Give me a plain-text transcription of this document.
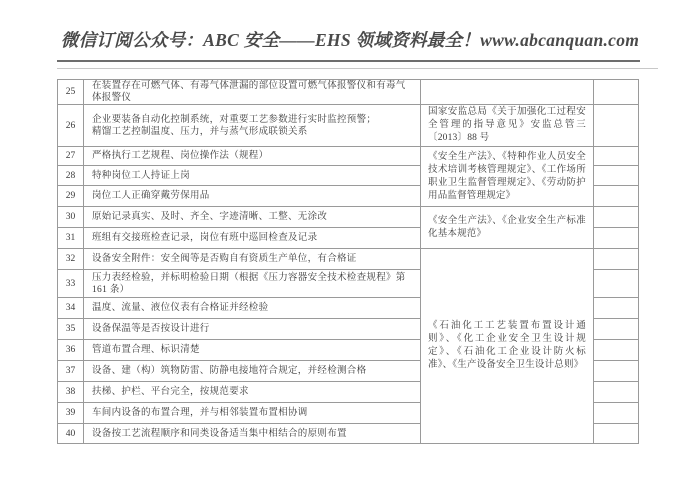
微信订阅公众号：ABC 安全——EHS 领域资料最全！www.abcanquan.com
25	在装置存在可燃气体、有毒气体泄漏的部位设置可燃气体报警仪和有毒气体报警仪		
26	企业要装备自动化控制系统，对重要工艺参数进行实时监控预警；
精馏工艺控制温度、压力，并与蒸气形成联锁关系	国家安监总局《关于加强化工过程安全管理的指导意见》安监总管三〔2013〕88 号	
27	严格执行工艺规程、岗位操作法（规程）	《安全生产法》、《特种作业人员安全技术培训考核管理规定》、《工作场所职业卫生监督管理规定》、《劳动防护用品监督管理规定》	
28	特种岗位工人持证上岗		
29	岗位工人正确穿戴劳保用品		
30	原始记录真实、及时、齐全、字迹清晰、工整、无涂改	《安全生产法》、《企业安全生产标准化基本规范》	
31	班组有交接班检查记录，岗位有班中巡回检查及记录		
32	设备安全附件：安全阀等是否购自有资质生产单位，有合格证	《石油化工工艺装置布置设计通则》、《化工企业安全卫生设计规定》、《石油化工企业设计防火标准》、《生产设备安全卫生设计总则》	
33	压力表经检验，并标明检验日期（根据《压力容器安全技术检查规程》第 161 条）		
34	温度、流量、液位仪表有合格证并经检验		
35	设备保温等是否按设计进行		
36	管道布置合理、标识清楚		
37	设备、建（构）筑物防雷、防静电接地符合规定，并经检测合格		
38	扶梯、护栏、平台完全，按规范要求		
39	车间内设备的布置合理，并与相邻装置布置相协调		
40	设备按工艺流程顺序和同类设备适当集中相结合的原则布置		
